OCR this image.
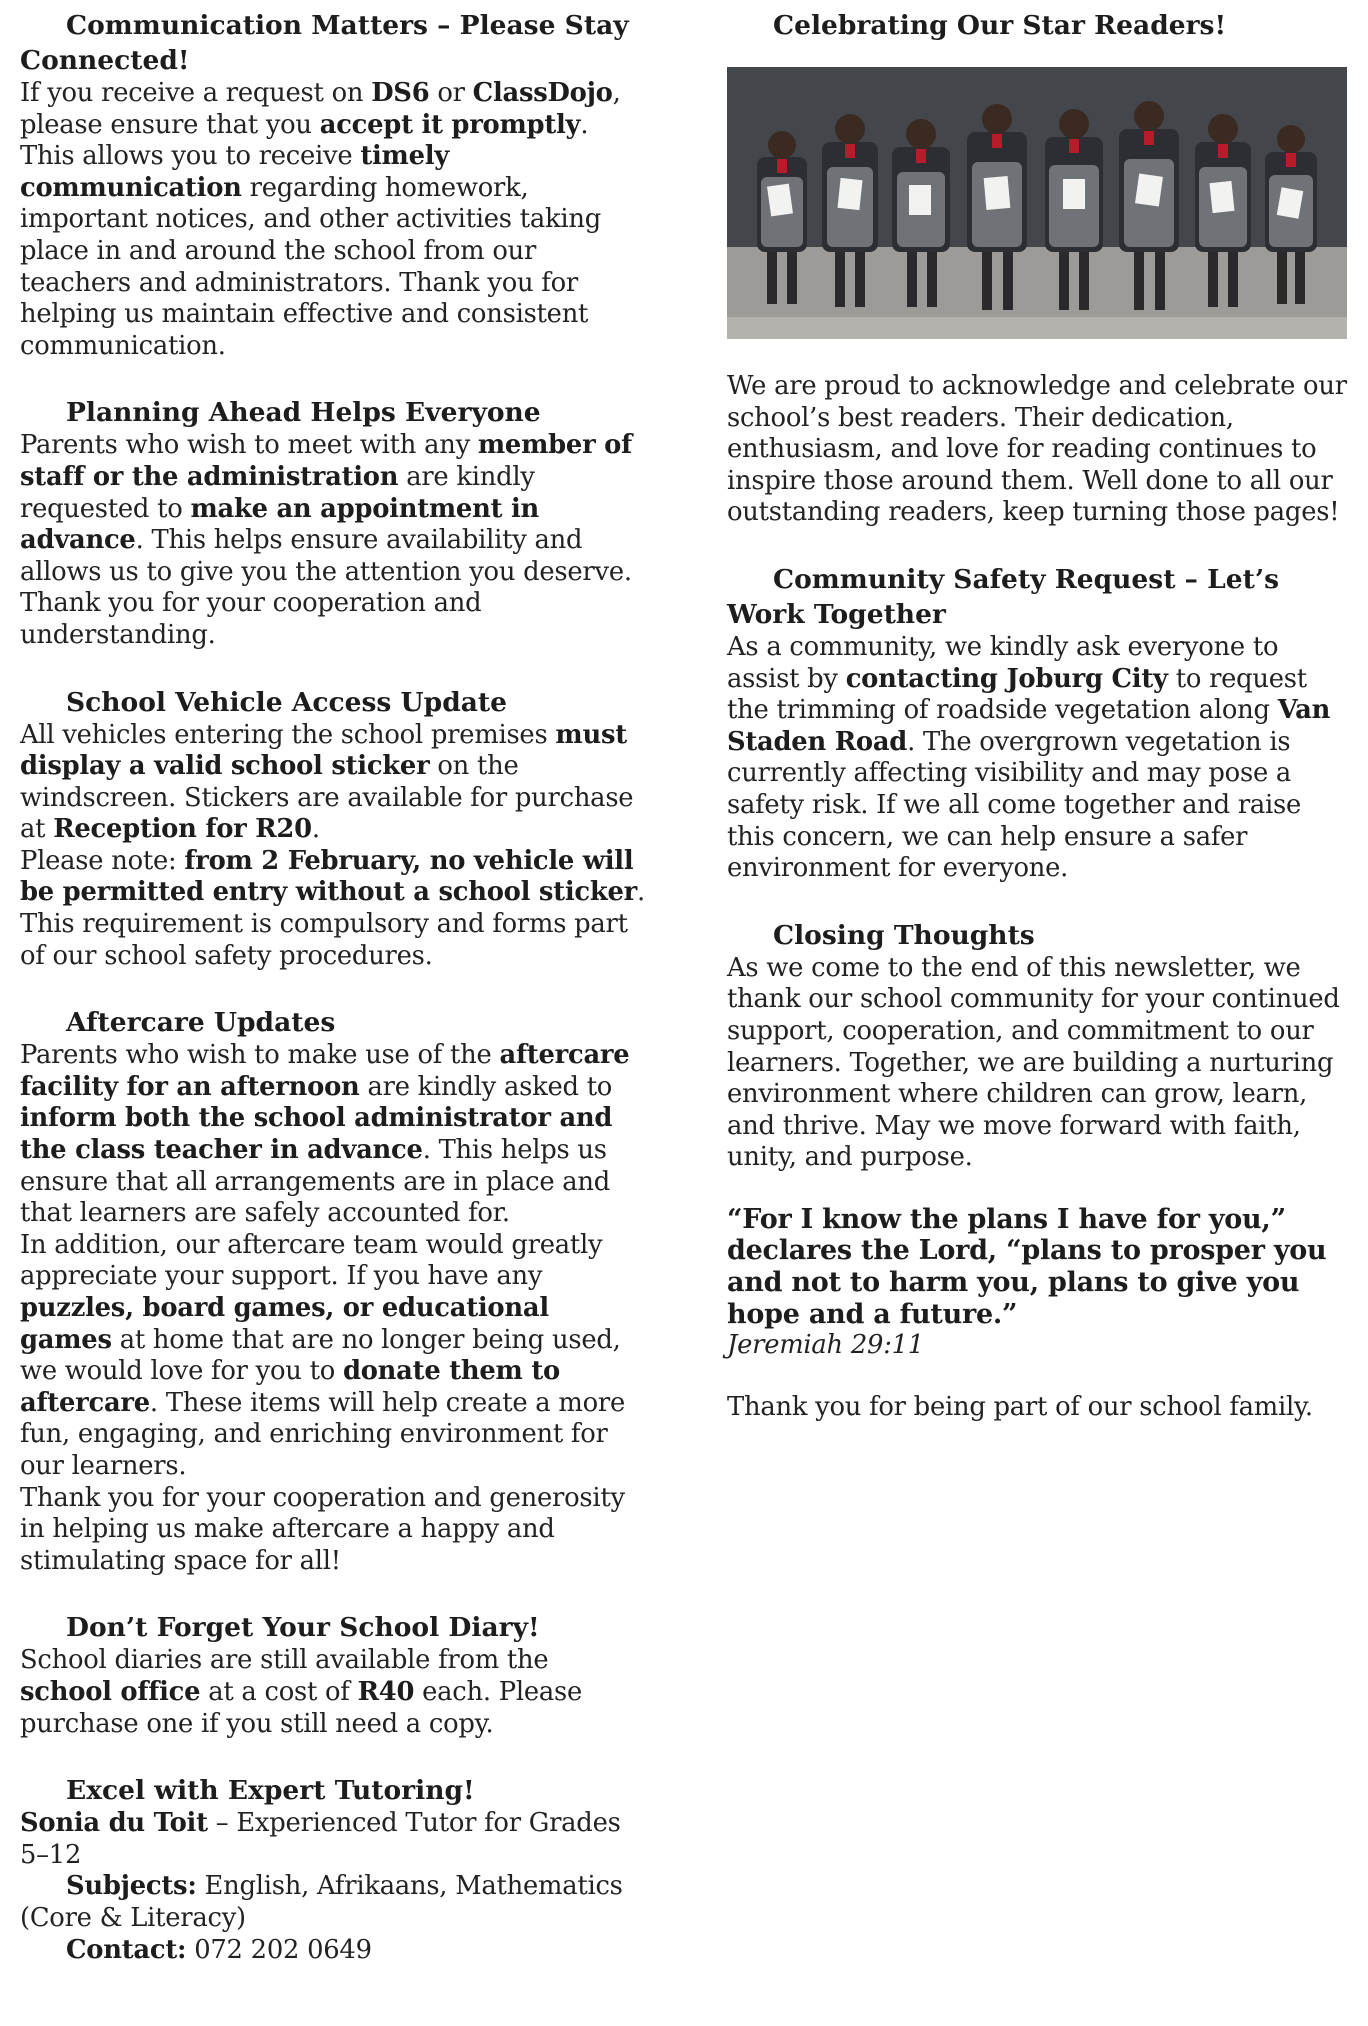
Communication Matters – Please Stay Connected!

If you receive a request on DS6 or ClassDojo, please ensure that you accept it promptly. This allows you to receive timely communication regarding homework, important notices, and other activities taking place in and around the school from our teachers and administrators. Thank you for helping us maintain effective and consistent communication.

Planning Ahead Helps Everyone

Parents who wish to meet with any member of staff or the administration are kindly requested to make an appointment in advance. This helps ensure availability and allows us to give you the attention you deserve. Thank you for your cooperation and understanding.

School Vehicle Access Update

All vehicles entering the school premises must display a valid school sticker on the windscreen. Stickers are available for purchase at Reception for R20.

Please note: from 2 February, no vehicle will be permitted entry without a school sticker. This requirement is compulsory and forms part of our school safety procedures.

Aftercare Updates

Parents who wish to make use of the aftercare facility for an afternoon are kindly asked to inform both the school administrator and the class teacher in advance. This helps us ensure that all arrangements are in place and that learners are safely accounted for.

In addition, our aftercare team would greatly appreciate your support. If you have any puzzles, board games, or educational games at home that are no longer being used, we would love for you to donate them to aftercare. These items will help create a more fun, engaging, and enriching environment for our learners.

Thank you for your cooperation and generosity in helping us make aftercare a happy and stimulating space for all!

Don’t Forget Your School Diary!

School diaries are still available from the school office at a cost of R40 each. Please purchase one if you still need a copy.

Excel with Expert Tutoring!

Sonia du Toit – Experienced Tutor for Grades 5–12

Subjects: English, Afrikaans, Mathematics (Core & Literacy)

Contact: 072 202 0649

Celebrating Our Star Readers!

We are proud to acknowledge and celebrate our school’s best readers. Their dedication, enthusiasm, and love for reading continues to inspire those around them. Well done to all our outstanding readers, keep turning those pages!

Community Safety Request – Let’s Work Together

As a community, we kindly ask everyone to assist by contacting Joburg City to request the trimming of roadside vegetation along Van Staden Road. The overgrown vegetation is currently affecting visibility and may pose a safety risk. If we all come together and raise this concern, we can help ensure a safer environment for everyone.

Closing Thoughts

As we come to the end of this newsletter, we thank our school community for your continued support, cooperation, and commitment to our learners. Together, we are building a nurturing environment where children can grow, learn, and thrive. May we move forward with faith, unity, and purpose.

“For I know the plans I have for you,” declares the Lord, “plans to prosper you and not to harm you, plans to give you hope and a future.”

Jeremiah 29:11

Thank you for being part of our school family.
